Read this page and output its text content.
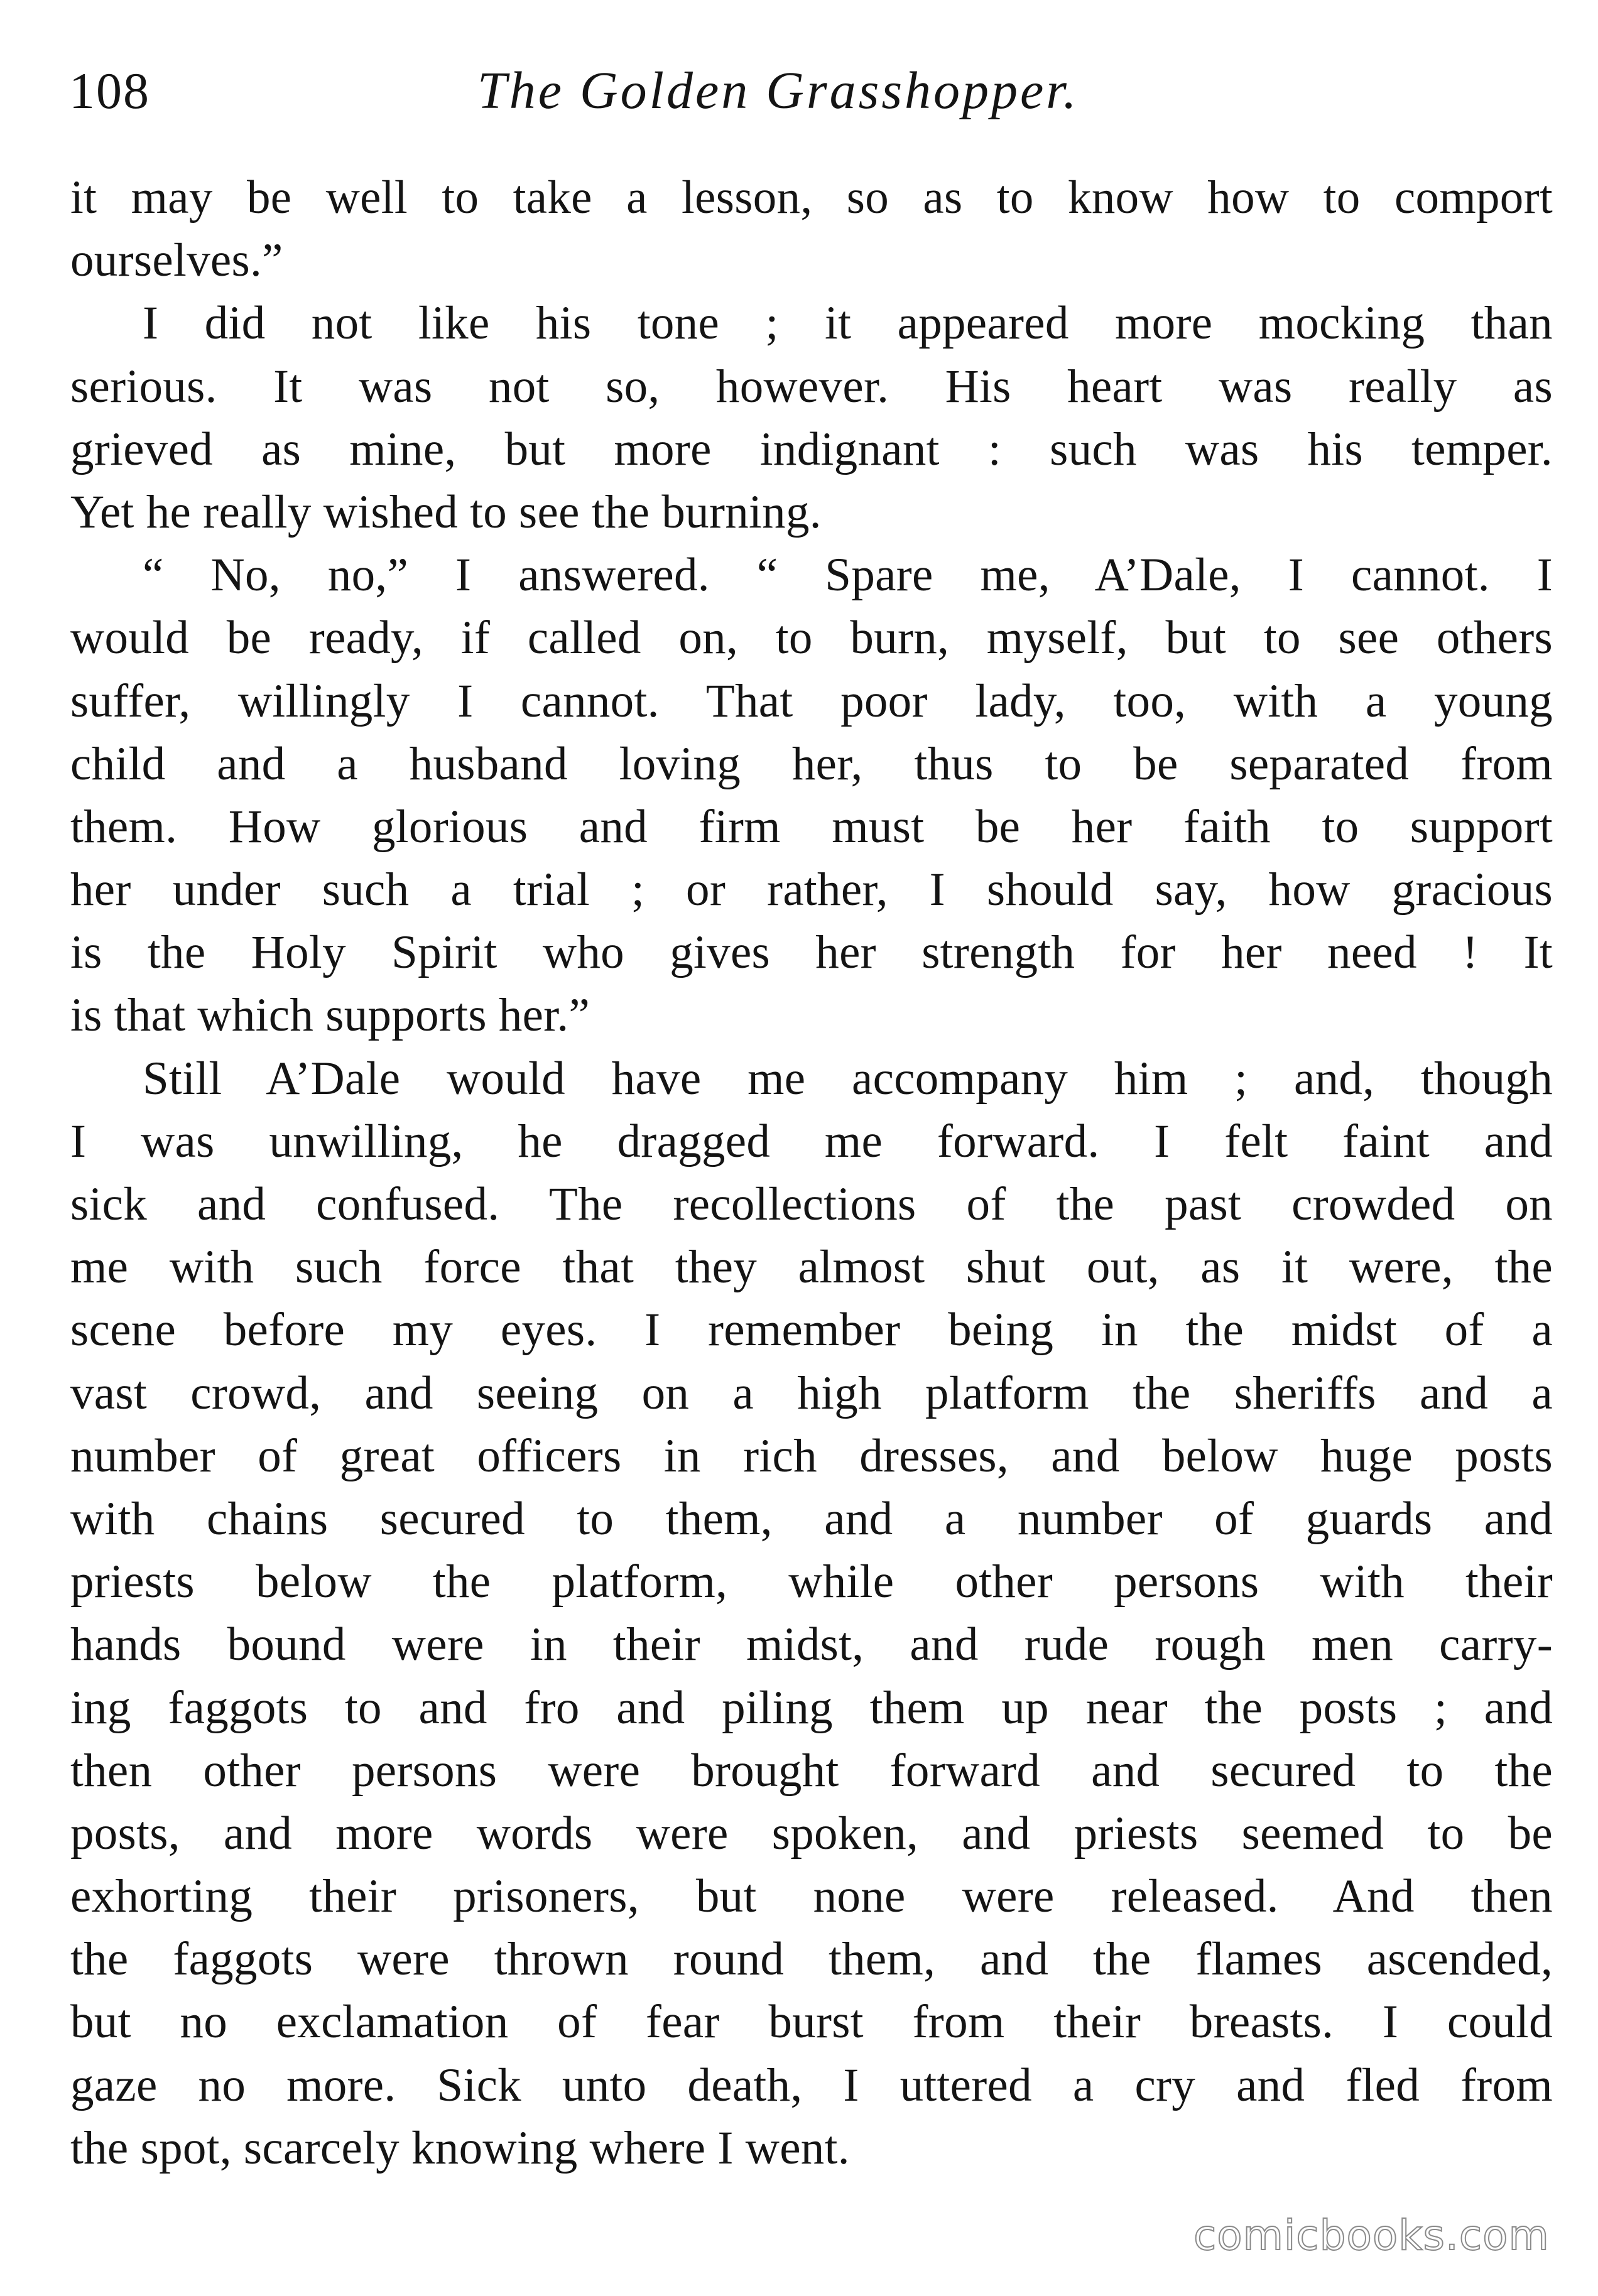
108	The Golden Grasshopper.
it may be well to take a lesson, so as to know how to comport
ourselves.”
I did not like his tone ; it appeared more mocking than
serious. It was not so, however. His heart was really as
grieved as mine, but more indignant : such was his temper.
Yet he really wished to see the burning.
“ No, no,” I answered. “ Spare me, A’Dale, I cannot. I
would be ready, if called on, to burn, myself, but to see others
suffer, willingly I cannot. That poor lady, too, with a young
child and a husband loving her, thus to be separated from
them. How glorious and firm must be her faith to support
her under such a trial ; or rather, I should say, how gracious
is the Holy Spirit who gives her strength for her need ! It
is that which supports her.”
Still A’Dale would have me accompany him ; and, though
I was unwilling, he dragged me forward. I felt faint and
sick and confused. The recollections of the past crowded on
me with such force that they almost shut out, as it were, the
scene before my eyes. I remember being in the midst of a
vast crowd, and seeing on a high platform the sheriffs and a
number of great officers in rich dresses, and below huge posts
with chains secured to them, and a number of guards and
priests below the platform, while other persons with their
hands bound were in their midst, and rude rough men carry-
ing faggots to and fro and piling them up near the posts ; and
then other persons were brought forward and secured to the
posts, and more words were spoken, and priests seemed to be
exhorting their prisoners, but none were released. And then
the faggots were thrown round them, and the flames ascended,
but no exclamation of fear burst from their breasts. I could
gaze no more. Sick unto death, I uttered a cry and fled from
the spot, scarcely knowing where I went.
comicbooks.com
